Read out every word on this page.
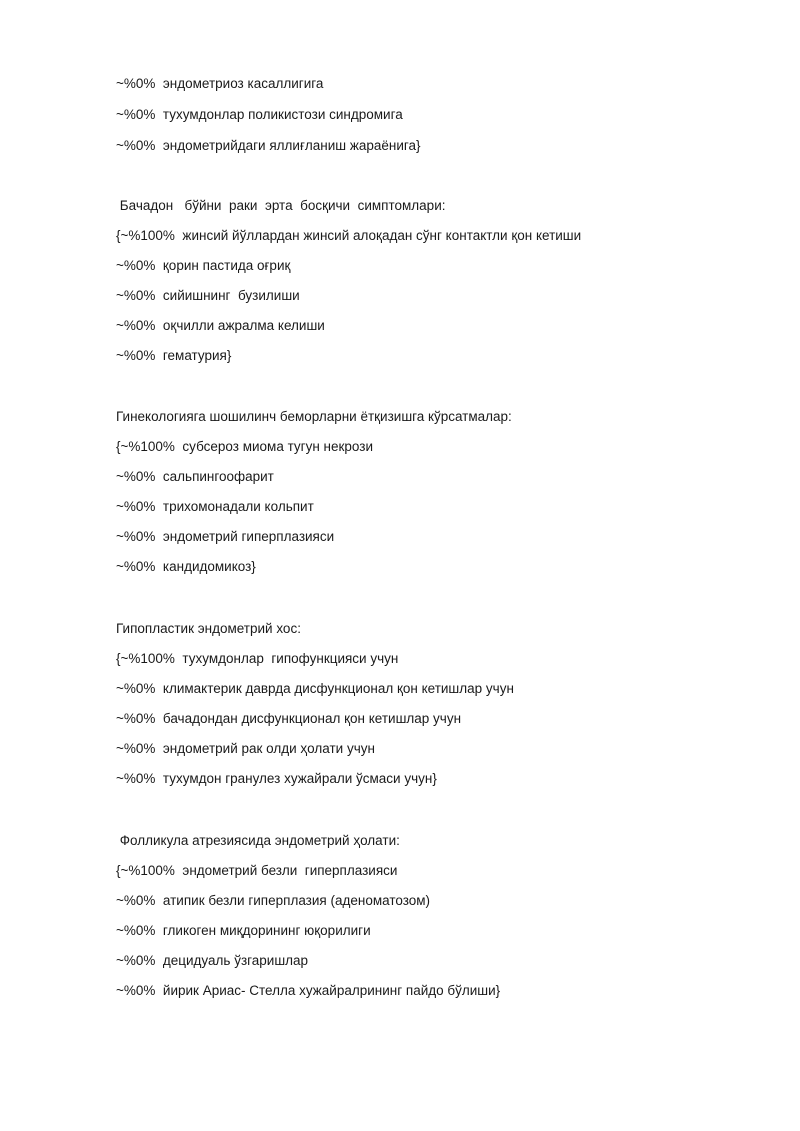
~%0%  эндометриоз касаллигига

~%0%  тухумдонлар поликистози синдромига

~%0%  эндометрийдаги яллиғланиш жараёнига}

Бачадон   бўйни  раки  эрта  босқичи  симптомлари:

{~%100%  жинсий йўллардан жинсий алоқадан сўнг контактли қон кетиши

~%0%  қорин пастида оғриқ

~%0%  сийишнинг  бузилиши

~%0%  оқчилли ажралма келиши

~%0%  гематурия}

Гинекологияга шошилинч беморларни ётқизишга кўрсатмалар:

{~%100%  субсероз миома тугун некрози

~%0%  сальпингоофарит

~%0%  трихомонадали кольпит

~%0%  эндометрий гиперплазияси

~%0%  кандидомикоз}

Гипопластик эндометрий хос:

{~%100%  тухумдонлар  гипофункцияси учун

~%0%  климактерик даврда дисфункционал қон кетишлар учун

~%0%  бачадондан дисфункционал қон кетишлар учун

~%0%  эндометрий рак олди ҳолати учун

~%0%  тухумдон гранулез хужайрали ўсмаси учун}

Фолликула атрезиясида эндометрий ҳолати:

{~%100%  эндометрий безли  гиперплазияси

~%0%  атипик безли гиперплазия (аденоматозом)

~%0%  гликоген миқдорининг юқорилиги

~%0%  децидуаль ўзгаришлар

~%0%  йирик Ариас- Стелла хужайралрининг пайдо бўлиши}
